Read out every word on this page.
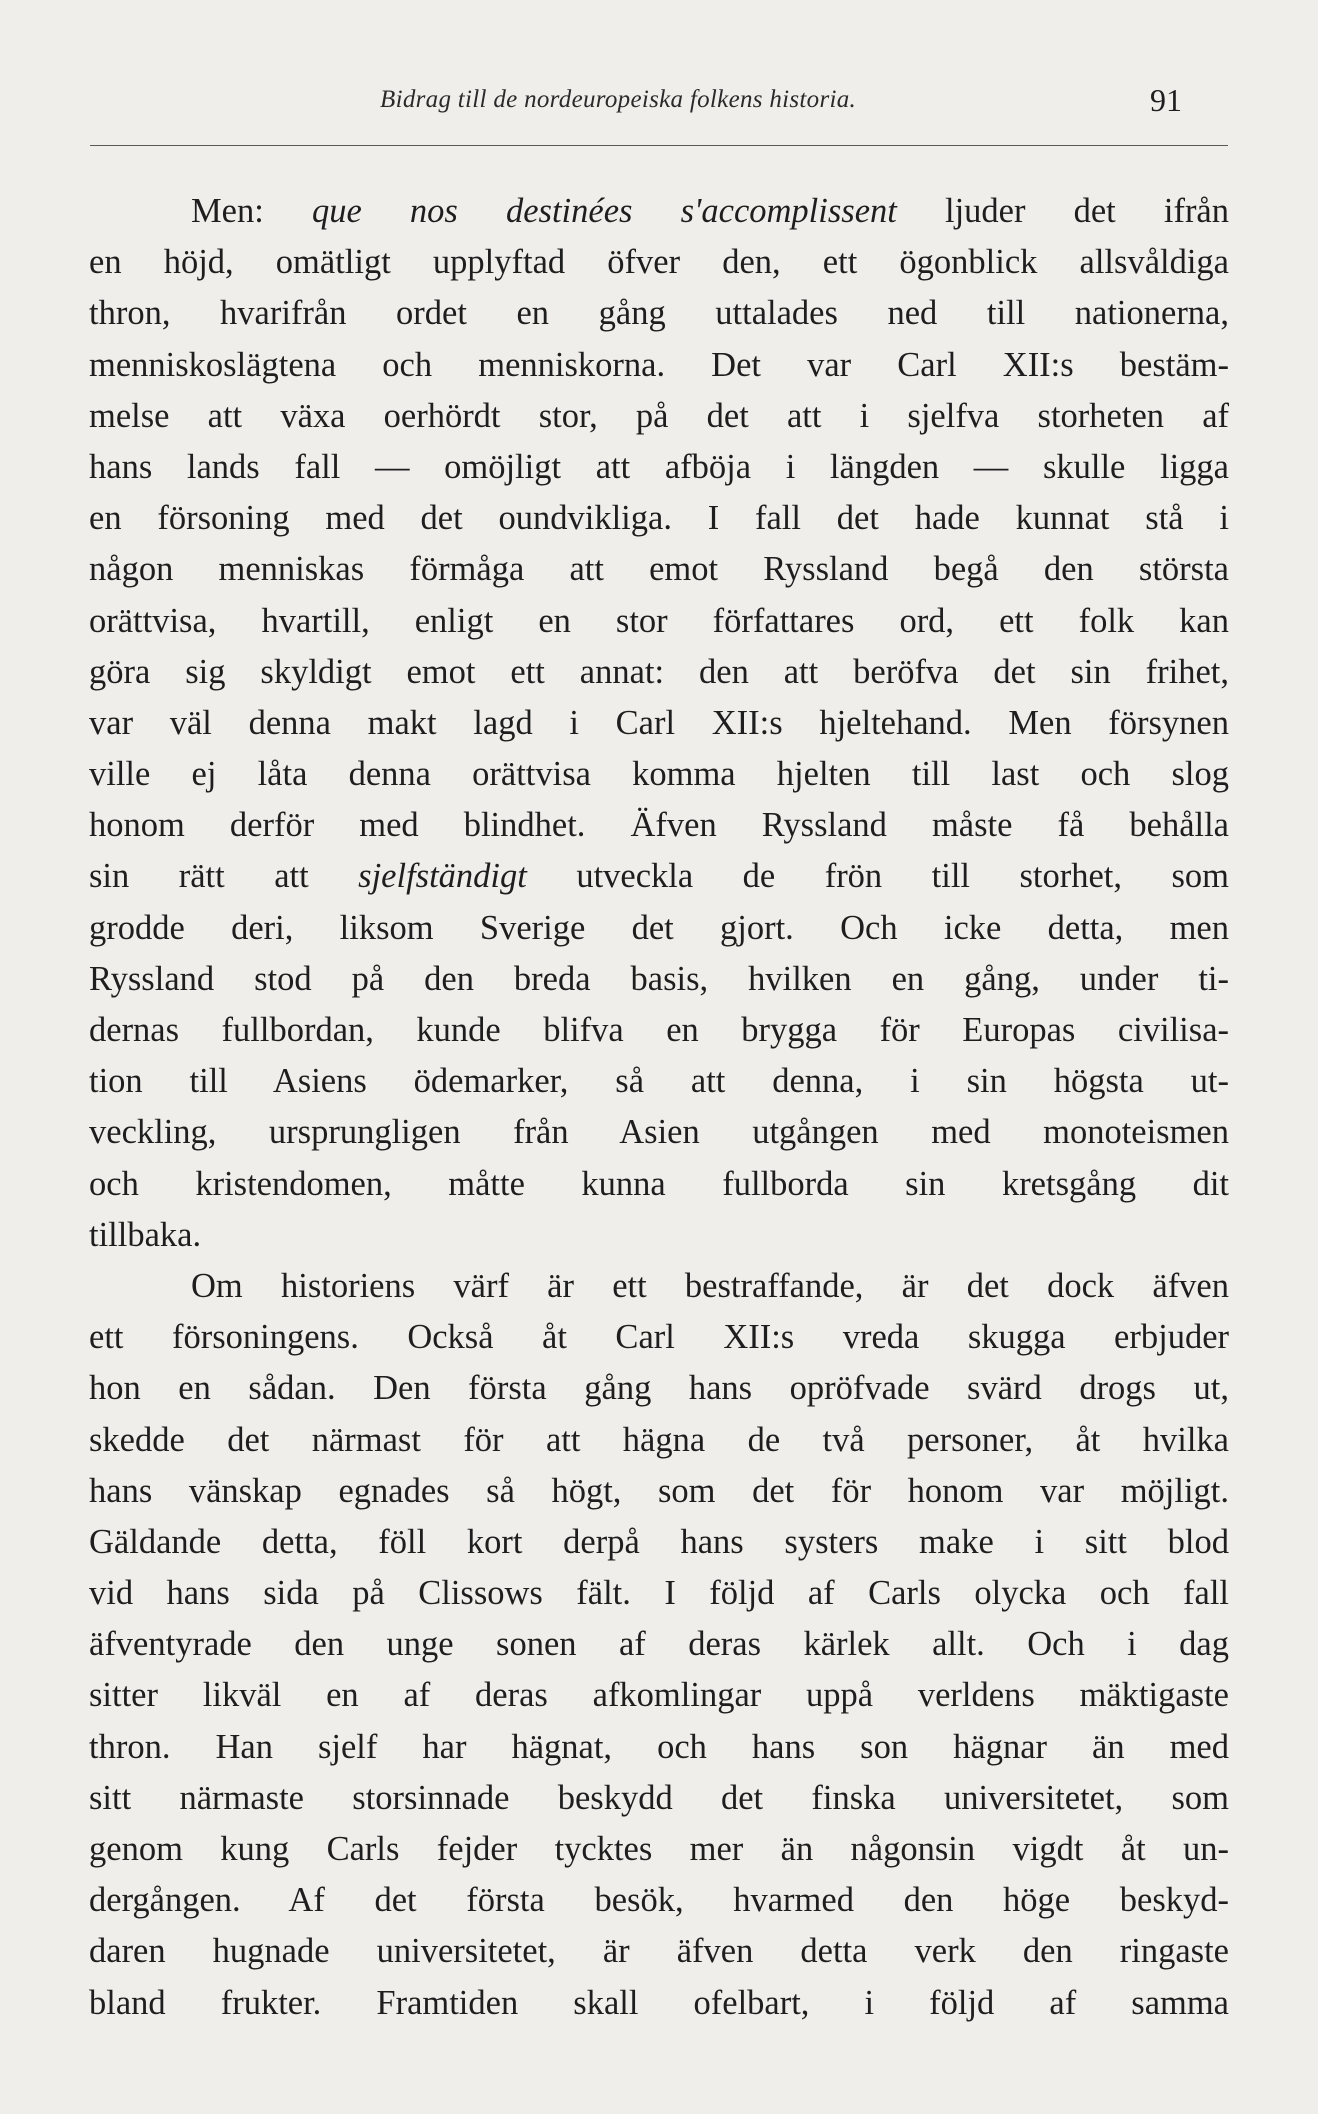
Bidrag till de nordeuropeiska folkens historia.	91
Men: que nos destinées s'accomplissent ljuder det ifrån
en höjd, omätligt upplyftad öfver den, ett ögonblick allsvåldiga
thron, hvarifrån ordet en gång uttalades ned till nationerna,
menniskoslägtena och menniskorna. Det var Carl XII:s bestäm-
melse att växa oerhördt stor, på det att i sjelfva storheten af
hans lands fall — omöjligt att afböja i längden — skulle ligga
en försoning med det oundvikliga. I fall det hade kunnat stå i
någon menniskas förmåga att emot Ryssland begå den största
orättvisa, hvartill, enligt en stor författares ord, ett folk kan
göra sig skyldigt emot ett annat: den att beröfva det sin frihet,
var väl denna makt lagd i Carl XII:s hjeltehand. Men försynen
ville ej låta denna orättvisa komma hjelten till last och slog
honom derför med blindhet. Äfven Ryssland måste få behålla
sin rätt att sjelfständigt utveckla de frön till storhet, som
grodde deri, liksom Sverige det gjort. Och icke detta, men
Ryssland stod på den breda basis, hvilken en gång, under ti-
dernas fullbordan, kunde blifva en brygga för Europas civilisa-
tion till Asiens ödemarker, så att denna, i sin högsta ut-
veckling, ursprungligen från Asien utgången med monoteismen
och kristendomen, måtte kunna fullborda sin kretsgång dit
tillbaka.
Om historiens värf är ett bestraffande, är det dock äfven
ett försoningens. Också åt Carl XII:s vreda skugga erbjuder
hon en sådan. Den första gång hans opröfvade svärd drogs ut,
skedde det närmast för att hägna de två personer, åt hvilka
hans vänskap egnades så högt, som det för honom var möjligt.
Gäldande detta, föll kort derpå hans systers make i sitt blod
vid hans sida på Clissows fält. I följd af Carls olycka och fall
äfventyrade den unge sonen af deras kärlek allt. Och i dag
sitter likväl en af deras afkomlingar uppå verldens mäktigaste
thron. Han sjelf har hägnat, och hans son hägnar än med
sitt närmaste storsinnade beskydd det finska universitetet, som
genom kung Carls fejder tycktes mer än någonsin vigdt åt un-
dergången. Af det första besök, hvarmed den höge beskyd-
daren hugnade universitetet, är äfven detta verk den ringaste
bland frukter. Framtiden skall ofelbart, i följd af samma
